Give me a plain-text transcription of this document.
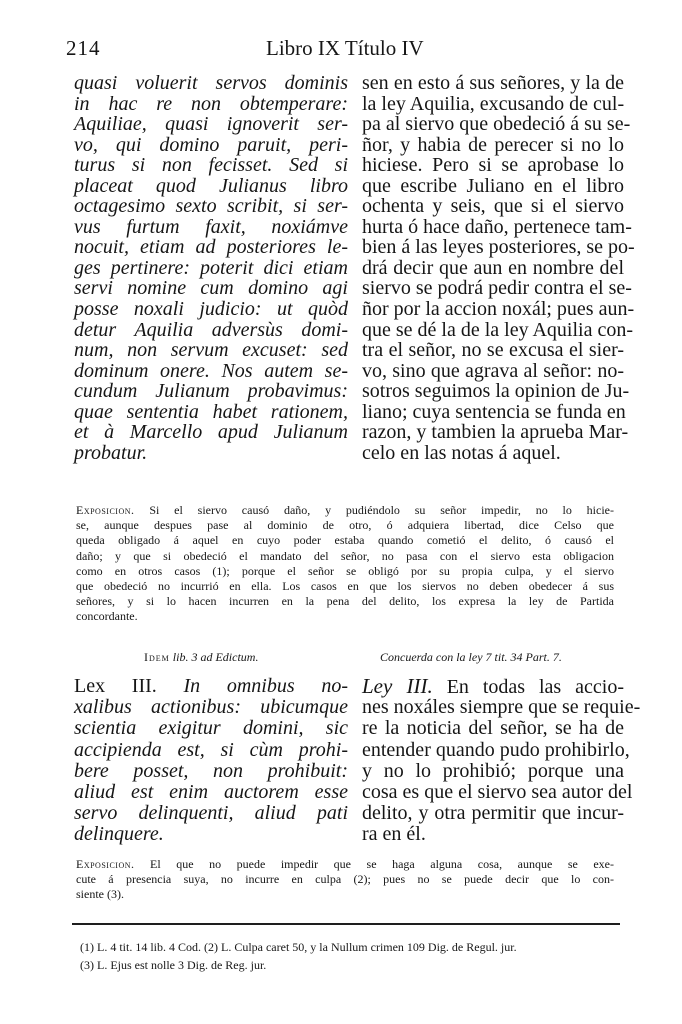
214	Libro IX Título IV
quasi voluerit servos dominis
in hac re non obtemperare:
Aquiliae, quasi ignoverit ser-
vo, qui domino paruit, peri-
turus si non fecisset. Sed si
placeat quod Julianus libro
octagesimo sexto scribit, si ser-
vus furtum faxit, noxiámve
nocuit, etiam ad posteriores le-
ges pertinere: poterit dici etiam
servi nomine cum domino agi
posse noxali judicio: ut quòd
detur Aquilia adversùs domi-
num, non servum excuset: sed
dominum onere. Nos autem se-
cundum Julianum probavimus:
quae sententia habet rationem,
et à Marcello apud Julianum
probatur.
sen en esto á sus señores, y la de
la ley Aquilia, excusando de cul-
pa al siervo que obedeció á su se-
ñor, y habia de perecer si no lo
hiciese. Pero si se aprobase lo
que escribe Juliano en el libro
ochenta y seis, que si el siervo
hurta ó hace daño, pertenece tam-
bien á las leyes posteriores, se po-
drá decir que aun en nombre del
siervo se podrá pedir contra el se-
ñor por la accion noxál; pues aun-
que se dé la de la ley Aquilia con-
tra el señor, no se excusa el sier-
vo, sino que agrava al señor: no-
sotros seguimos la opinion de Ju-
liano; cuya sentencia se funda en
razon, y tambien la aprueba Mar-
celo en las notas á aquel.
Exposicion. Si el siervo causó daño, y pudiéndolo su señor impedir, no lo hicie-
se, aunque despues pase al dominio de otro, ó adquiera libertad, dice Celso que
queda obligado á aquel en cuyo poder estaba quando cometió el delito, ó causó el
daño; y que si obedeció el mandato del señor, no pasa con el siervo esta obligacion
como en otros casos (1); porque el señor se obligó por su propia culpa, y el siervo
que obedeció no incurrió en ella. Los casos en que los siervos no deben obedecer á sus
señores, y si lo hacen incurren en la pena del delito, los expresa la ley de Partida
concordante.
Idem lib. 3 ad Edictum.	Concuerda con la ley 7 tit. 34 Part. 7.
Lex III. In omnibus no-
xalibus actionibus: ubicumque
scientia exigitur domini, sic
accipienda est, si cùm prohi-
bere posset, non prohibuit:
aliud est enim auctorem esse
servo delinquenti, aliud pati
delinquere.
Ley III. En todas las accio-
nes noxáles siempre que se requie-
re la noticia del señor, se ha de
entender quando pudo prohibirlo,
y no lo prohibió; porque una
cosa es que el siervo sea autor del
delito, y otra permitir que incur-
ra en él.
Exposicion. El que no puede impedir que se haga alguna cosa, aunque se exe-
cute á presencia suya, no incurre en culpa (2); pues no se puede decir que lo con-
siente (3).
(1) L. 4 tit. 14 lib. 4 Cod. (2) L. Culpa caret 50, y la Nullum crimen 109 Dig. de Regul. jur.
(3) L. Ejus est nolle 3 Dig. de Reg. jur.
